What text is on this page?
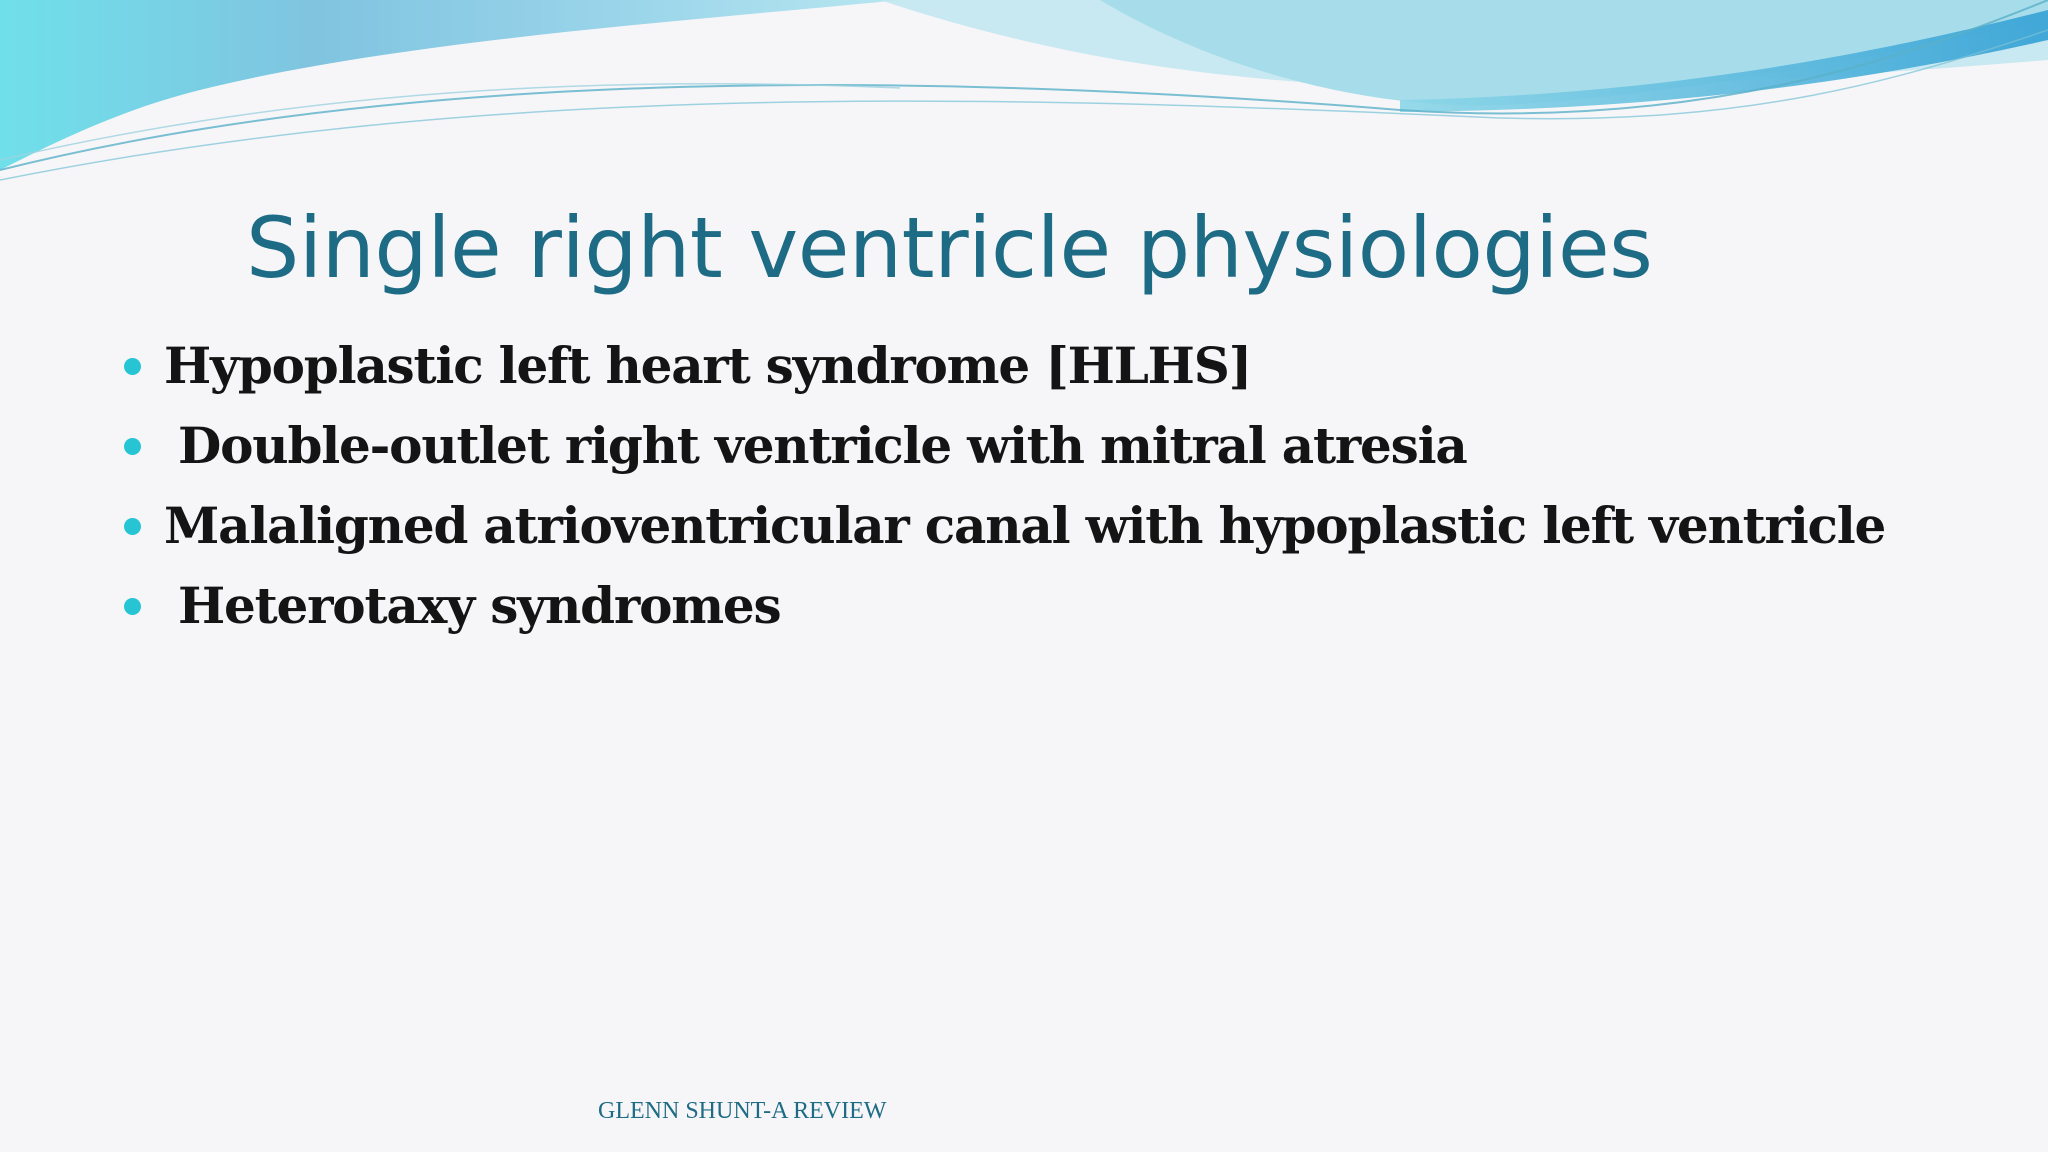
Single right ventricle physiologies
Hypoplastic left heart syndrome [HLHS]
Double-outlet right ventricle with mitral atresia
Malaligned atrioventricular canal with hypoplastic left ventricle
Heterotaxy syndromes
GLENN SHUNT-A REVIEW
